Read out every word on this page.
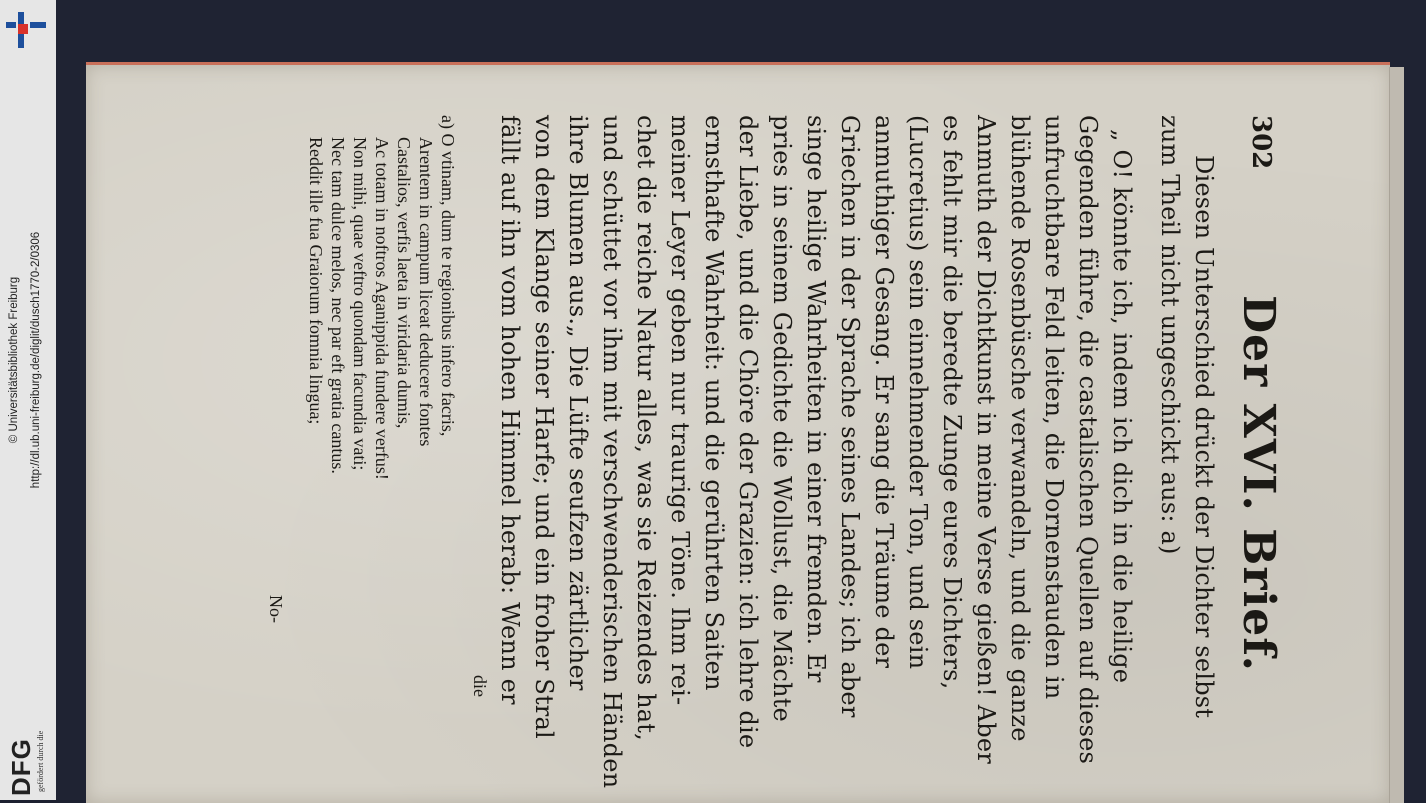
DFG gefördert durch die
© Universitätsbibliothek Freiburg http://dl.ub.uni-freiburg.de/diglit/dusch1770-2/0306
302
Der XVI. Brief.
Diesen Unterschied drückt der Dichter selbst
zum Theil nicht ungeschickt aus: a)
„ O! könnte ich, indem ich dich in die heilige
Gegenden führe, die castalischen Quellen auf dieses
unfruchtbare Feld leiten, die Dornenstauden in
blühende Rosenbüsche verwandeln, und die ganze
Anmuth der Dichtkunst in meine Verse gießen! Aber
es fehlt mir die beredte Zunge eures Dichters,
(Lucretius) sein einnehmender Ton, und sein
anmuthiger Gesang. Er sang die Träume der
Griechen in der Sprache seines Landes; ich aber
singe heilige Wahrheiten in einer fremden. Er
pries in seinem Gedichte die Wollust, die Mächte
der Liebe, und die Chöre der Grazien: ich lehre die
ernsthafte Wahrheit: und die gerührten Saiten
meiner Leyer geben nur traurige Töne. Ihm rei-
chet die reiche Natur alles, was sie Reizendes hat,
und schüttet vor ihm mit verschwenderischen Händen
ihre Blumen aus.„ Die Lüfte seufzen zärtlicher
von dem Klange seiner Harfe; und ein froher Stral
fällt auf ihn vom hohen Himmel herab: Wenn er
die
a) O vtinam, dum te regionibus infero facris,
Arentem in campum liceat deducere fontes
Castalios, verfis laeta in viridaria dumis,
Ac totam in noftros Aganippida fundere verfus!
Non mihi, quae veftro quondam facundia vati;
Nec tam dulce melos, nec par eft gratia cantus.
Reddit ille fua Graiorum fomnia lingua;
No-
